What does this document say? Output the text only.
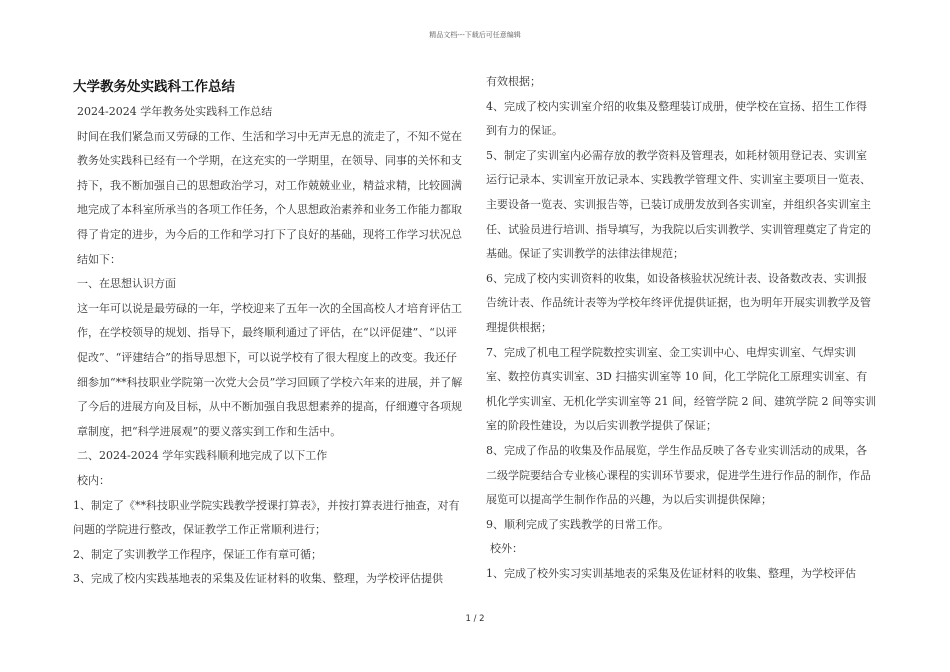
精品文档---下载后可任意编辑
大学教务处实践科工作总结

2024-2024 学年教务处实践科工作总结

时间在我们紧急而又劳碌的工作、生活和学习中无声无息的流走了，不知不觉在教务处实践科已经有一个学期，在这充实的一学期里，在领导、同事的关怀和支持下，我不断加强自己的思想政治学习，对工作兢兢业业，精益求精，比较圆满地完成了本科室所承当的各项工作任务，个人思想政治素养和业务工作能力都取得了肯定的进步，为今后的工作和学习打下了良好的基础，现将工作学习状况总结如下：

一、在思想认识方面

这一年可以说是最劳碌的一年，学校迎来了五年一次的全国高校人才培育评估工作，在学校领导的规划、指导下，最终顺利通过了评估，在“以评促建”、“以评促改”、“评建结合”的指导思想下，可以说学校有了很大程度上的改变。我还仔细参加“**科技职业学院第一次党大会员”学习回顾了学校六年来的进展，并了解了今后的进展方向及目标，从中不断加强自我思想素养的提高，仔细遵守各项规章制度，把“科学进展观”的要义落实到工作和生活中。

二、2024-2024 学年实践科顺利地完成了以下工作

校内：

1、制定了《**科技职业学院实践教学授课打算表》，并按打算表进行抽查，对有问题的学院进行整改，保证教学工作正常顺利进行；

2、制定了实训教学工作程序，保证工作有章可循；

3、完成了校内实践基地表的采集及佐证材料的收集、整理，为学校评估提供

有效根据；

4、完成了校内实训室介绍的收集及整理装订成册，使学校在宣扬、招生工作得到有力的保证。

5、制定了实训室内必需存放的教学资料及管理表，如耗材领用登记表、实训室运行记录本、实训室开放记录本、实践教学管理文件、实训室主要项目一览表、主要设备一览表、实训报告等，已装订成册发放到各实训室，并组织各实训室主任、试验员进行培训、指导填写，为我院以后实训教学、实训管理奠定了肯定的基础。保证了实训教学的法律法律规范；

6、完成了校内实训资料的收集，如设备核验状况统计表、设备数改表、实训报告统计表、作品统计表等为学校年终评优提供证据，也为明年开展实训教学及管理提供根据；

7、完成了机电工程学院数控实训室、金工实训中心、电焊实训室、气焊实训室、数控仿真实训室、3D 扫描实训室等 10 间，化工学院化工原理实训室、有机化学实训室、无机化学实训室等 21 间，经管学院 2 间、建筑学院 2 间等实训室的阶段性建设，为以后实训教学提供了保证；

8、完成了作品的收集及作品展览，学生作品反映了各专业实训活动的成果，各二级学院要结合专业核心课程的实训环节要求，促进学生进行作品的制作，作品展览可以提高学生制作作品的兴趣，为以后实训提供保障；

9、顺利完成了实践教学的日常工作。

校外：

1、完成了校外实习实训基地表的采集及佐证材料的收集、整理，为学校评估

1 / 2
